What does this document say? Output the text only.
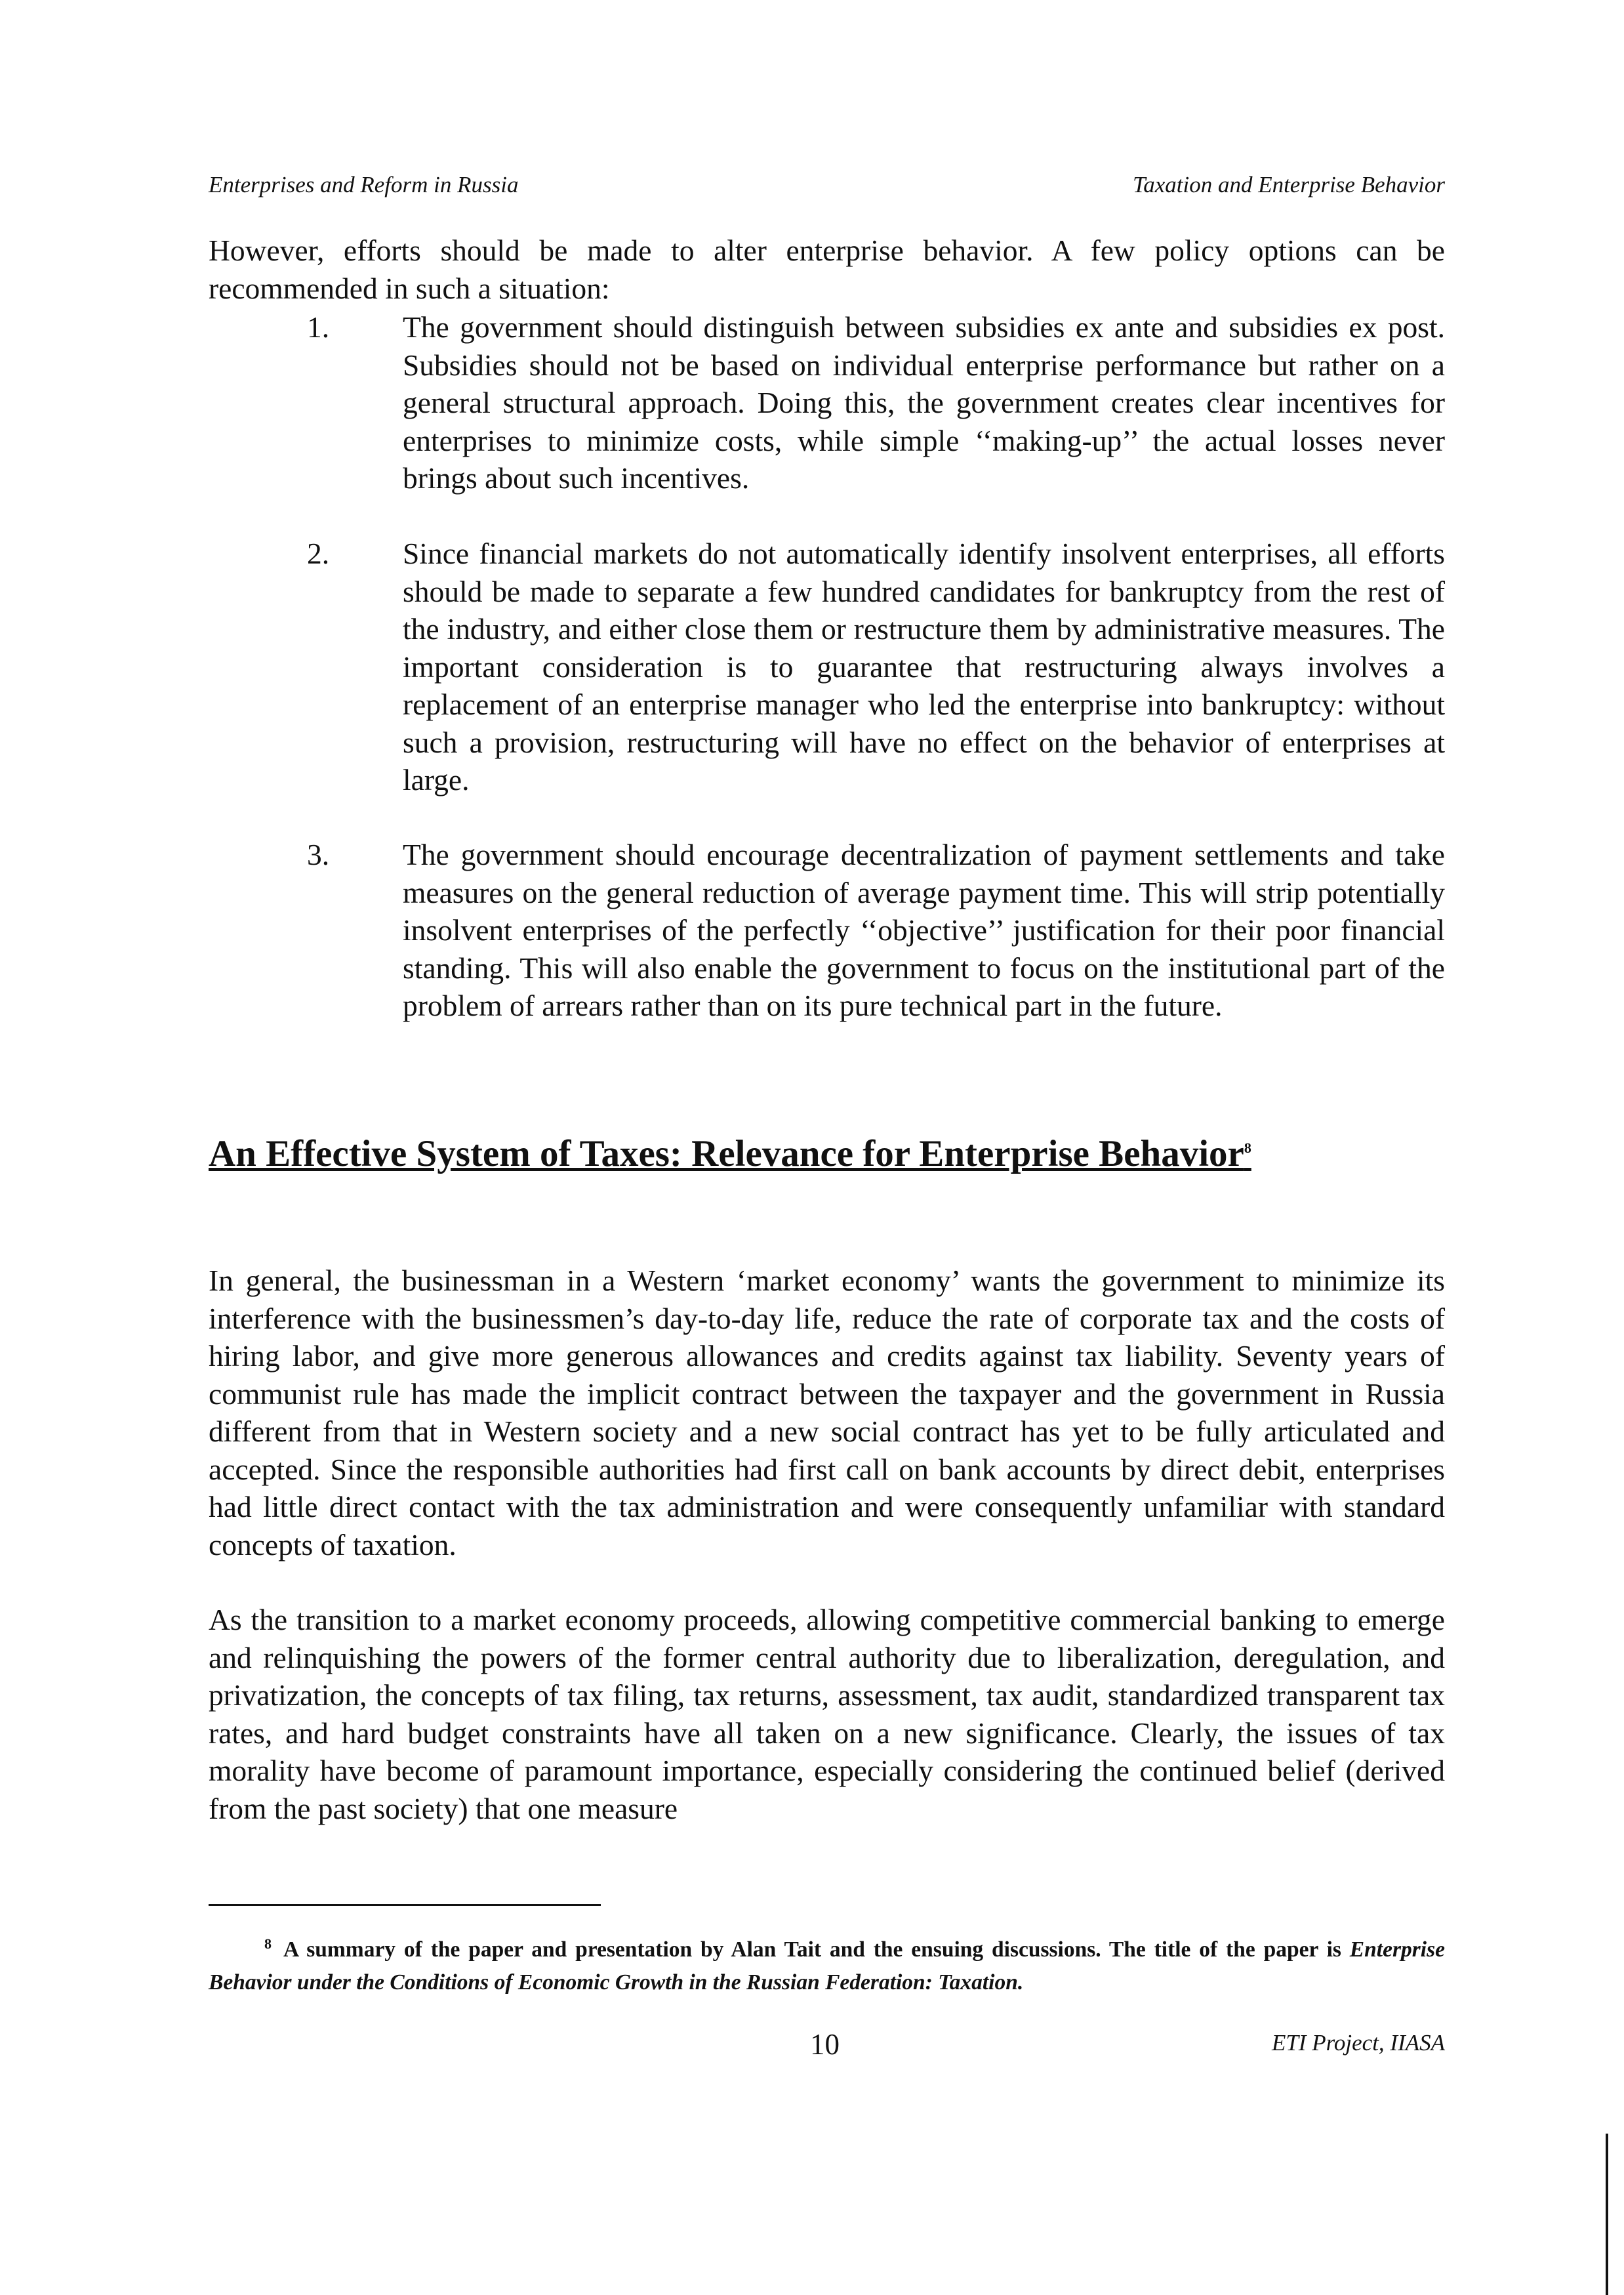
Enterprises and Reform in Russia	Taxation and Enterprise Behavior
However, efforts should be made to alter enterprise behavior. A few policy options can be recommended in such a situation:
1. The government should distinguish between subsidies ex ante and subsidies ex post. Subsidies should not be based on individual enterprise performance but rather on a general structural approach. Doing this, the government creates clear incentives for enterprises to minimize costs, while simple ‘‘making-up’’ the actual losses never brings about such incentives.
2. Since financial markets do not automatically identify insolvent enterprises, all efforts should be made to separate a few hundred candidates for bankruptcy from the rest of the industry, and either close them or restructure them by administrative measures. The important consideration is to guarantee that restructuring always involves a replacement of an enterprise manager who led the enterprise into bankruptcy: without such a provision, restructuring will have no effect on the behavior of enterprises at large.
3. The government should encourage decentralization of payment settlements and take measures on the general reduction of average payment time. This will strip potentially insolvent enterprises of the perfectly ‘‘objective’’ justification for their poor financial standing. This will also enable the government to focus on the institutional part of the problem of arrears rather than on its pure technical part in the future.
An Effective System of Taxes: Relevance for Enterprise Behavior$^8$
In general, the businessman in a Western ‘market economy’ wants the government to minimize its interference with the businessmen’s day-to-day life, reduce the rate of corporate tax and the costs of hiring labor, and give more generous allowances and credits against tax liability. Seventy years of communist rule has made the implicit contract between the taxpayer and the government in Russia different from that in Western society and a new social contract has yet to be fully articulated and accepted. Since the responsible authorities had first call on bank accounts by direct debit, enterprises had little direct contact with the tax administration and were consequently unfamiliar with standard concepts of taxation.
As the transition to a market economy proceeds, allowing competitive commercial banking to emerge and relinquishing the powers of the former central authority due to liberalization, deregulation, and privatization, the concepts of tax filing, tax returns, assessment, tax audit, standardized transparent tax rates, and hard budget constraints have all taken on a new significance. Clearly, the issues of tax morality have become of paramount importance, especially considering the continued belief (derived from the past society) that one measure
$^8$ A summary of the paper and presentation by Alan Tait and the ensuing discussions. The title of the paper is Enterprise Behavior under the Conditions of Economic Growth in the Russian Federation: Taxation.
10	ETI Project, IIASA
